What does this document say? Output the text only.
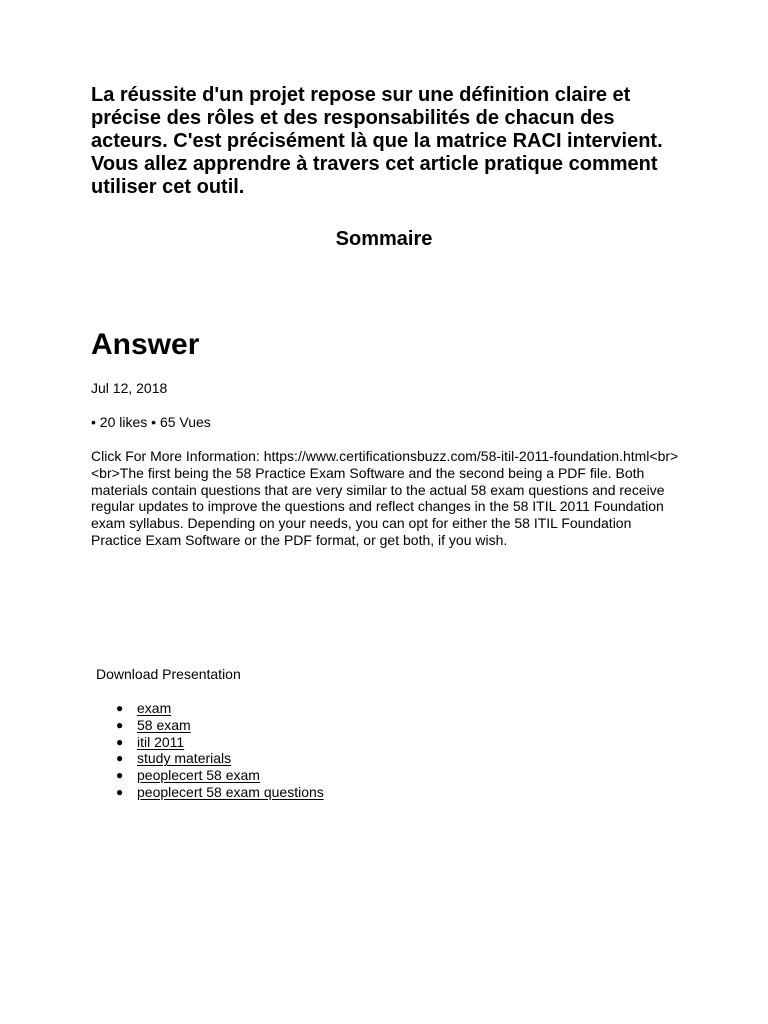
La réussite d'un projet repose sur une définition claire et précise des rôles et des responsabilités de chacun des acteurs. C'est précisément là que la matrice RACI intervient. Vous allez apprendre à travers cet article pratique comment utiliser cet outil.

Sommaire

Answer

Jul 12, 2018

• 20 likes • 65 Vues

Click For More Information: https://www.certificationsbuzz.com/58-itil-2011-foundation.html<br><br>The first being the 58 Practice Exam Software and the second being a PDF file. Both materials contain questions that are very similar to the actual 58 exam questions and receive regular updates to improve the questions and reflect changes in the 58 ITIL 2011 Foundation exam syllabus. Depending on your needs, you can opt for either the 58 ITIL Foundation Practice Exam Software or the PDF format, or get both, if you wish.

Download Presentation

● exam
● 58 exam
● itil 2011
● study materials
● peoplecert 58 exam
● peoplecert 58 exam questions
